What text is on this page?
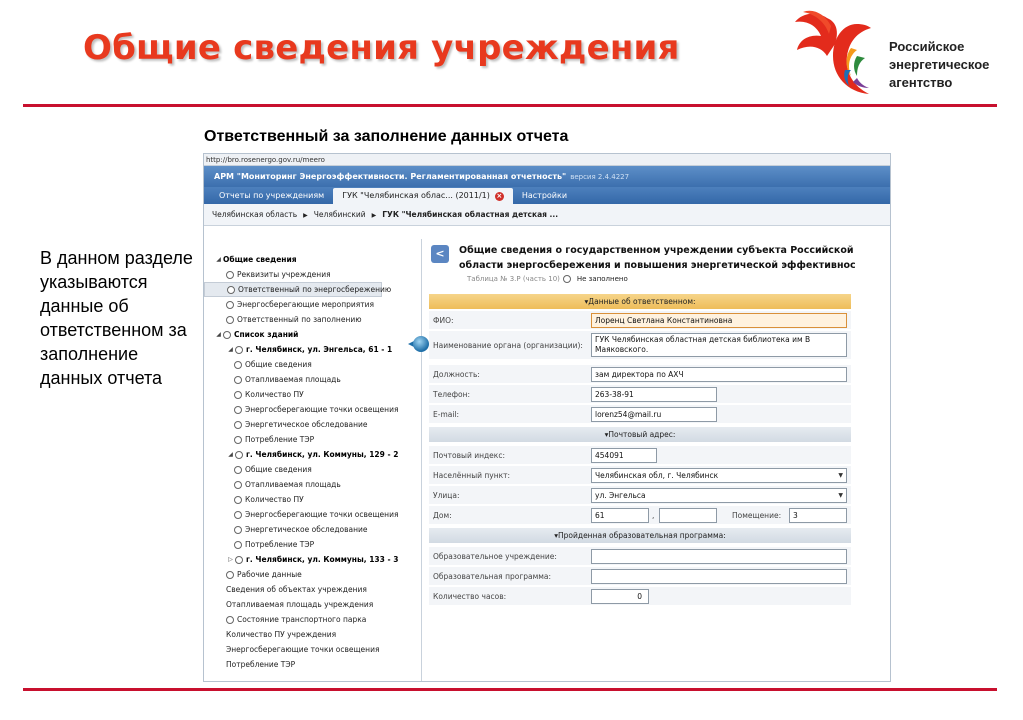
Общие сведения учреждения	Российское
энергетическое
агентство
Ответственный за заполнение данных отчета
В данном разделе указываются данные об ответственном за заполнение данных отчета
http://bro.rosenergo.gov.ru/meero
АРМ "Мониторинг Энергоэффективности. Регламентированная отчетность" версия 2.4.4227
Отчеты по учреждениям	ГУК "Челябинская облас... (2011/1) ×	Настройки
Челябинская область ▶ Челябинский ▶ ГУК "Челябинская областная детская ...
◢ Общие сведения
Реквизиты учреждения
Ответственный по энергосбережению
Энергосберегающие мероприятия
Ответственный по заполнению
◢ Список зданий
◢ г. Челябинск, ул. Энгельса, 61 - 1
Общие сведения
Отапливаемая площадь
Количество ПУ
Энергосберегающие точки освещения
Энергетическое обследование
Потребление ТЭР
◢ г. Челябинск, ул. Коммуны, 129 - 2
Общие сведения
Отапливаемая площадь
Количество ПУ
Энергосберегающие точки освещения
Энергетическое обследование
Потребление ТЭР
▷ г. Челябинск, ул. Коммуны, 133 - 3
Рабочие данные
Сведения об объектах учреждения
Отапливаемая площадь учреждения
Состояние транспортного парка
Количество ПУ учреждения
Энергосберегающие точки освещения
Потребление ТЭР
<	Общие сведения о государственном учреждении субъекта Российской
области энергосбережения и повышения энергетической эффективнос
Таблица № 3.Р (часть 10) Не заполнено
▾Данные об ответственном:
ФИО:	Лоренц Светлана Константиновна
Наименование органа (организации):
ГУК Челябинская областная детская библиотека им В Маяковского.
Должность:	зам директора по АХЧ
Телефон:	263-38-91
E-mail:	lorenz54@mail.ru
▾Почтовый адрес:
Почтовый индекс:	454091
Населённый пункт:	Челябинская обл, г. Челябинск	▼
Улица:	ул. Энгельса	▼
Дом:	61	,	Помещение:	3
▾Пройденная образовательная программа:
Образовательное учреждение:
Образовательная программа:
Количество часов:	0
